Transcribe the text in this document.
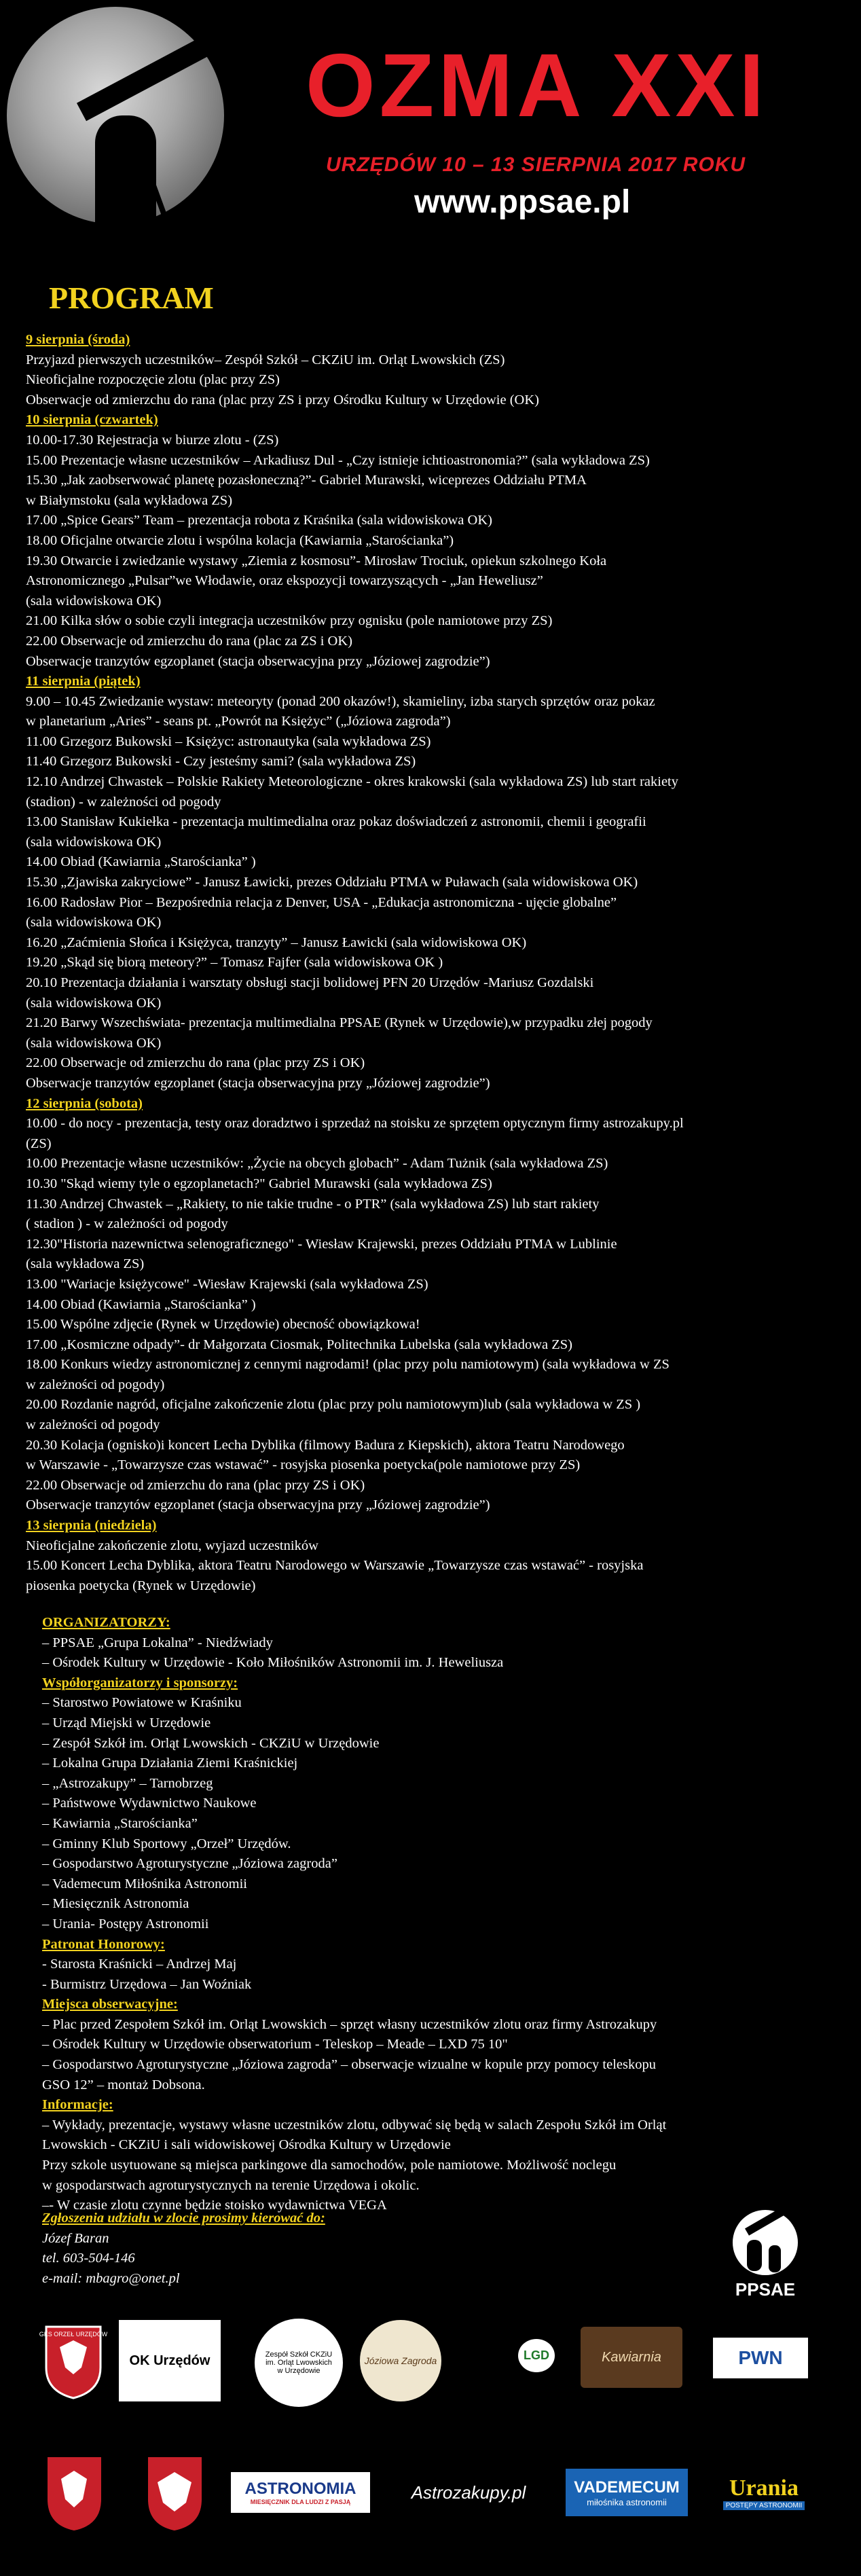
OZMA XXI
URZĘDÓW 10 – 13 SIERPNIA 2017 ROKU
www.ppsae.pl
PROGRAM

9 sierpnia (środa)

Przyjazd pierwszych uczestników– Zespół Szkół – CKZiU im. Orląt Lwowskich (ZS)

Nieoficjalne rozpoczęcie zlotu (plac przy ZS)

Obserwacje od zmierzchu do rana (plac przy ZS i przy Ośrodku Kultury w Urzędowie (OK)

10 sierpnia (czwartek)

10.00-17.30 Rejestracja w biurze zlotu - (ZS)

15.00 Prezentacje własne uczestników – Arkadiusz Dul - „Czy istnieje ichtioastronomia?” (sala wykładowa ZS)

15.30 „Jak zaobserwować planetę pozasłoneczną?”- Gabriel Murawski, wiceprezes Oddziału PTMA

w Białymstoku (sala wykładowa ZS)

17.00 „Spice Gears” Team – prezentacja robota z Kraśnika (sala widowiskowa OK)

18.00 Oficjalne otwarcie zlotu i wspólna kolacja (Kawiarnia „Starościanka”)

19.30 Otwarcie i zwiedzanie wystawy „Ziemia z kosmosu”- Mirosław Trociuk, opiekun szkolnego Koła

Astronomicznego „Pulsar”we Włodawie, oraz ekspozycji towarzyszących - „Jan Heweliusz”

(sala widowiskowa OK)

21.00 Kilka słów o sobie czyli integracja uczestników przy ognisku (pole namiotowe przy ZS)

22.00 Obserwacje od zmierzchu do rana (plac za ZS i OK)

Obserwacje tranzytów egzoplanet (stacja obserwacyjna przy „Józiowej zagrodzie”)

11 sierpnia (piątek)

9.00 – 10.45 Zwiedzanie wystaw: meteoryty (ponad 200 okazów!), skamieliny, izba starych sprzętów oraz pokaz

w planetarium „Aries” - seans pt. „Powrót na Księżyc” („Józiowa zagroda”)

11.00 Grzegorz Bukowski – Księżyc: astronautyka (sala wykładowa ZS)

11.40 Grzegorz Bukowski - Czy jesteśmy sami? (sala wykładowa ZS)

12.10 Andrzej Chwastek – Polskie Rakiety Meteorologiczne - okres krakowski (sala wykładowa ZS) lub start rakiety

(stadion) - w zależności od pogody

13.00 Stanisław Kukiełka - prezentacja multimedialna oraz pokaz doświadczeń z astronomii, chemii i geografii

(sala widowiskowa OK)

14.00 Obiad (Kawiarnia „Starościanka” )

15.30 „Zjawiska zakryciowe” - Janusz Ławicki, prezes Oddziału PTMA w Puławach (sala widowiskowa OK)

16.00 Radosław Pior – Bezpośrednia relacja z Denver, USA - „Edukacja astronomiczna - ujęcie globalne”

(sala widowiskowa OK)

16.20 „Zaćmienia Słońca i Księżyca, tranzyty” – Janusz Ławicki (sala widowiskowa OK)

19.20 „Skąd się biorą meteory?” – Tomasz Fajfer (sala widowiskowa OK )

20.10 Prezentacja działania i warsztaty obsługi stacji bolidowej PFN 20 Urzędów -Mariusz Gozdalski

(sala widowiskowa OK)

21.20 Barwy Wszechświata- prezentacja multimedialna PPSAE (Rynek w Urzędowie),w przypadku złej pogody

(sala widowiskowa OK)

22.00 Obserwacje od zmierzchu do rana (plac przy ZS i OK)

Obserwacje tranzytów egzoplanet (stacja obserwacyjna przy „Józiowej zagrodzie”)

12 sierpnia (sobota)

10.00 - do nocy - prezentacja, testy oraz doradztwo i sprzedaż na stoisku ze sprzętem optycznym firmy astrozakupy.pl

(ZS)

10.00 Prezentacje własne uczestników: „Życie na obcych globach” - Adam Tużnik (sala wykładowa ZS)

10.30 "Skąd wiemy tyle o egzoplanetach?" Gabriel Murawski (sala wykładowa ZS)

11.30 Andrzej Chwastek – „Rakiety, to nie takie trudne - o PTR” (sala wykładowa ZS) lub start rakiety

( stadion ) - w zależności od pogody

12.30"Historia nazewnictwa selenograficznego" - Wiesław Krajewski, prezes Oddziału PTMA w Lublinie

(sala wykładowa ZS)

13.00 "Wariacje księżycowe" -Wiesław Krajewski (sala wykładowa ZS)

14.00 Obiad (Kawiarnia „Starościanka” )

15.00 Wspólne zdjęcie (Rynek w Urzędowie) obecność obowiązkowa!

17.00 „Kosmiczne odpady”- dr Małgorzata Ciosmak, Politechnika Lubelska (sala wykładowa ZS)

18.00 Konkurs wiedzy astronomicznej z cennymi nagrodami! (plac przy polu namiotowym) (sala wykładowa w ZS

w zależności od pogody)

20.00 Rozdanie nagród, oficjalne zakończenie zlotu (plac przy polu namiotowym)lub (sala wykładowa w ZS )

w zależności od pogody

20.30 Kolacja (ognisko)i koncert Lecha Dyblika (filmowy Badura z Kiepskich), aktora Teatru Narodowego

w Warszawie - „Towarzysze czas wstawać” - rosyjska piosenka poetycka(pole namiotowe przy ZS)

22.00 Obserwacje od zmierzchu do rana (plac przy ZS i OK)

Obserwacje tranzytów egzoplanet (stacja obserwacyjna przy „Józiowej zagrodzie”)

13 sierpnia (niedziela)

Nieoficjalne zakończenie zlotu, wyjazd uczestników

15.00 Koncert Lecha Dyblika, aktora Teatru Narodowego w Warszawie „Towarzysze czas wstawać” - rosyjska

piosenka poetycka (Rynek w Urzędowie)

ORGANIZATORZY:

– PPSAE „Grupa Lokalna” - Niedźwiady

– Ośrodek Kultury w Urzędowie - Koło Miłośników Astronomii im. J. Heweliusza

Współorganizatorzy i sponsorzy:

– Starostwo Powiatowe w Kraśniku

– Urząd Miejski w Urzędowie

– Zespół Szkół im. Orląt Lwowskich - CKZiU w Urzędowie

– Lokalna Grupa Działania Ziemi Kraśnickiej

– „Astrozakupy” – Tarnobrzeg

– Państwowe Wydawnictwo Naukowe

– Kawiarnia „Starościanka”

– Gminny Klub Sportowy „Orzeł” Urzędów.

– Gospodarstwo Agroturystyczne „Józiowa zagroda”

– Vademecum Miłośnika Astronomii

– Miesięcznik Astronomia

– Urania- Postępy Astronomii

Patronat Honorowy:

- Starosta Kraśnicki – Andrzej Maj

- Burmistrz Urzędowa – Jan Woźniak

Miejsca obserwacyjne:

– Plac przed Zespołem Szkół im. Orląt Lwowskich – sprzęt własny uczestników zlotu oraz firmy Astrozakupy

– Ośrodek Kultury w Urzędowie obserwatorium - Teleskop – Meade – LXD 75 10"

– Gospodarstwo Agroturystyczne „Józiowa zagroda” – obserwacje wizualne w kopule przy pomocy teleskopu

GSO 12” – montaż Dobsona.

Informacje:

– Wykłady, prezentacje, wystawy własne uczestników zlotu, odbywać się będą w salach Zespołu Szkół im Orląt

Lwowskich - CKZiU i sali widowiskowej Ośrodka Kultury w Urzędowie

Przy szkole usytuowane są miejsca parkingowe dla samochodów, pole namiotowe. Możliwość noclegu

w gospodarstwach agroturystycznych na terenie Urzędowa i okolic.

–- W czasie zlotu czynne będzie stoisko wydawnictwa VEGA

Zgłoszenia udziału w zlocie prosimy kierować do:

Józef Baran

tel. 603-504-146

e-mail: mbagro@onet.pl

PPSAE
GKS ORZEŁ URZĘDÓW
OK Urzędów	Zespół Szkół CKZiU im. Orląt Lwowskich w Urzędowie
Józiowa Zagroda	LGD	Kawiarnia	PWN
ASTRONOMIA
MIESIĘCZNIK DLA LUDZI Z PASJĄ	Astrozakupy.pl	VADEMECUM
miłośnika astronomii
Urania
POSTĘPY ASTRONOMII
